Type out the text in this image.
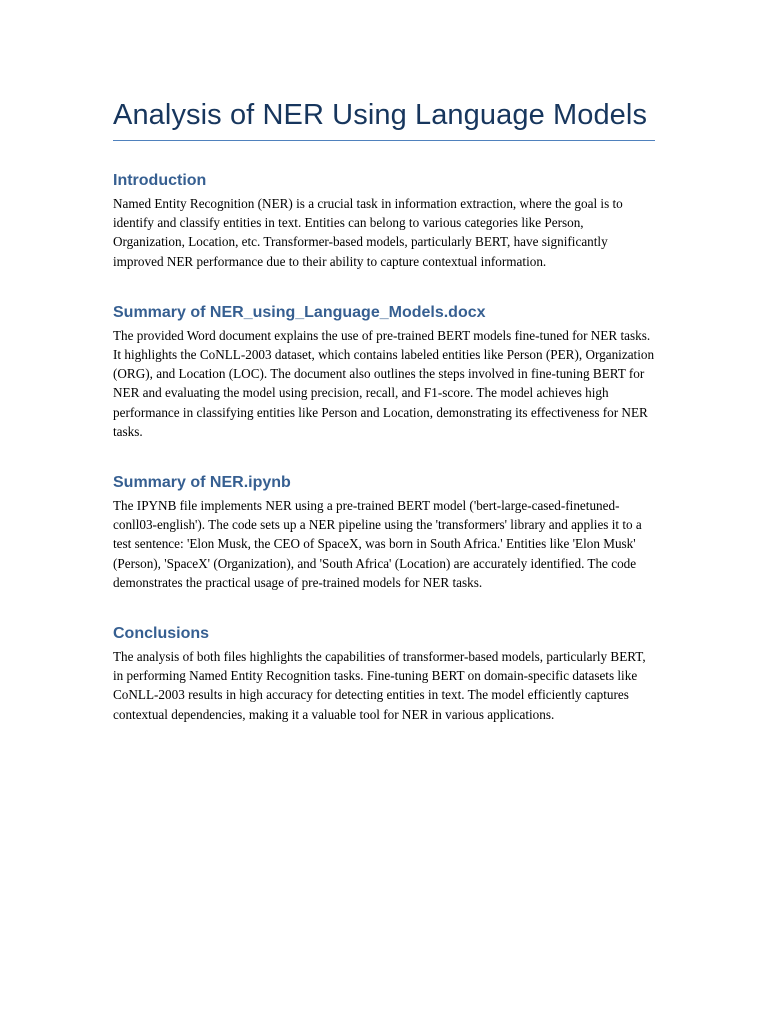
Analysis of NER Using Language Models
Introduction

Named Entity Recognition (NER) is a crucial task in information extraction, where the goal is to identify and classify entities in text. Entities can belong to various categories like Person, Organization, Location, etc. Transformer-based models, particularly BERT, have significantly improved NER performance due to their ability to capture contextual information.

Summary of NER_using_Language_Models.docx

The provided Word document explains the use of pre-trained BERT models fine-tuned for NER tasks. It highlights the CoNLL-2003 dataset, which contains labeled entities like Person (PER), Organization (ORG), and Location (LOC). The document also outlines the steps involved in fine-tuning BERT for NER and evaluating the model using precision, recall, and F1-score. The model achieves high performance in classifying entities like Person and Location, demonstrating its effectiveness for NER tasks.

Summary of NER.ipynb

The IPYNB file implements NER using a pre-trained BERT model ('bert-large-cased-finetuned-conll03-english'). The code sets up a NER pipeline using the 'transformers' library and applies it to a test sentence: 'Elon Musk, the CEO of SpaceX, was born in South Africa.' Entities like 'Elon Musk' (Person), 'SpaceX' (Organization), and 'South Africa' (Location) are accurately identified. The code demonstrates the practical usage of pre-trained models for NER tasks.

Conclusions

The analysis of both files highlights the capabilities of transformer-based models, particularly BERT, in performing Named Entity Recognition tasks. Fine-tuning BERT on domain-specific datasets like CoNLL-2003 results in high accuracy for detecting entities in text. The model efficiently captures contextual dependencies, making it a valuable tool for NER in various applications.
